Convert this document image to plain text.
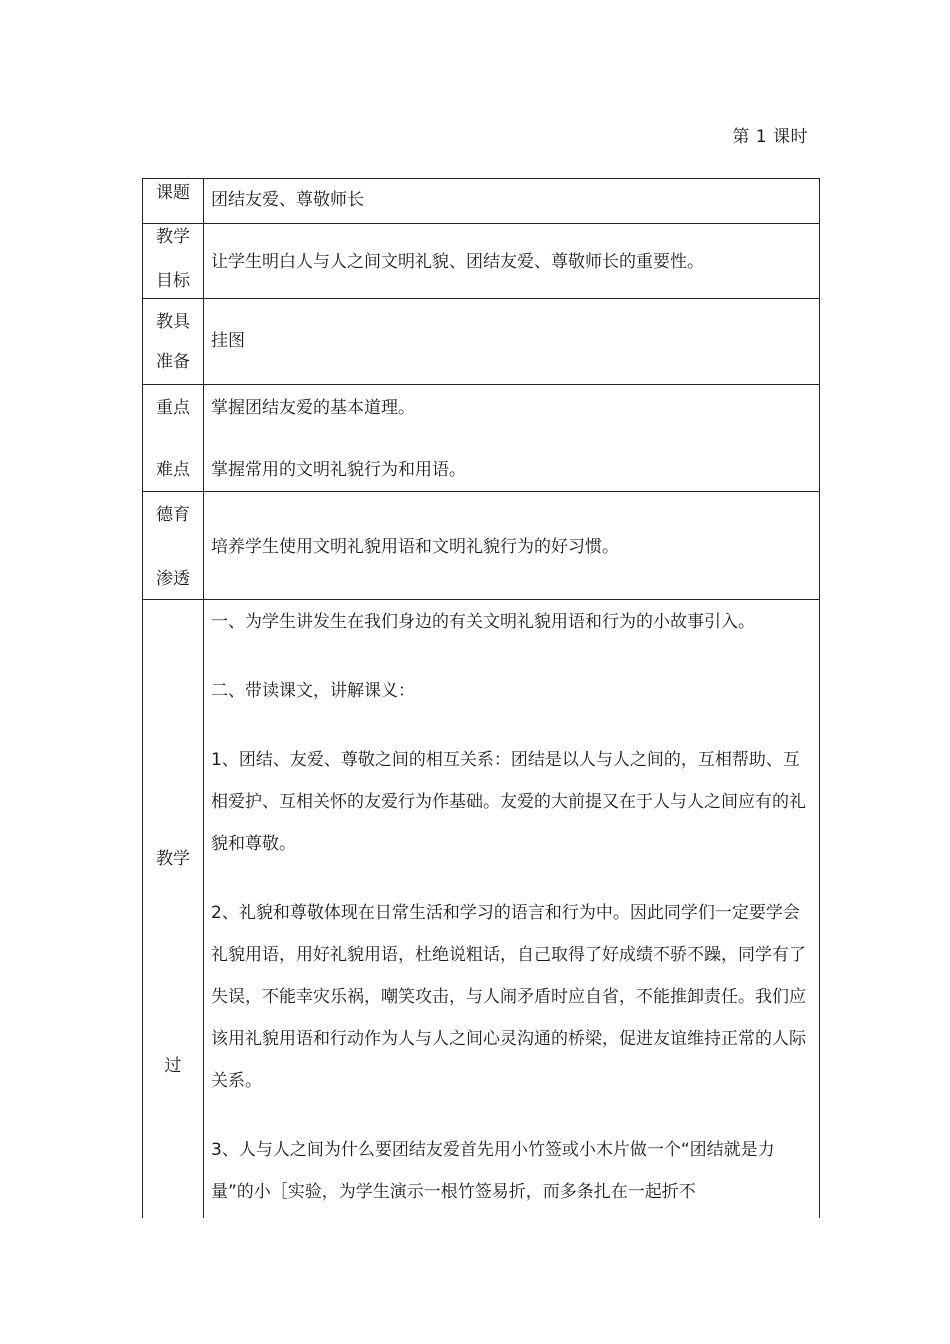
第 1 课时
课题	团结友爱、尊敬师长
教学
目标
让学生明白人与人之间文明礼貌、团结友爱、尊敬师长的重要性。
教具
准备
挂图
重点
难点
掌握团结友爱的基本道理。
掌握常用的文明礼貌行为和用语。
德育
渗透
培养学生使用文明礼貌用语和文明礼貌行为的好习惯。
教学
过

一、为学生讲发生在我们身边的有关文明礼貌用语和行为的小故事引入。

二、带读课文，讲解课义：

1、团结、友爱、尊敬之间的相互关系：团结是以人与人之间的，互相帮助、互相爱护、互相关怀的友爱行为作基础。友爱的大前提又在于人与人之间应有的礼貌和尊敬。

2、礼貌和尊敬体现在日常生活和学习的语言和行为中。因此同学们一定要学会礼貌用语，用好礼貌用语，杜绝说粗话，自己取得了好成绩不骄不躁，同学有了失误，不能幸灾乐祸，嘲笑攻击，与人闹矛盾时应自省，不能推卸责任。我们应该用礼貌用语和行动作为人与人之间心灵沟通的桥梁，促进友谊维持正常的人际关系。

3、人与人之间为什么要团结友爱首先用小竹签或小木片做一个“团结就是力量”的小［实验，为学生演示一根竹签易折，而多条扎在一起折不
